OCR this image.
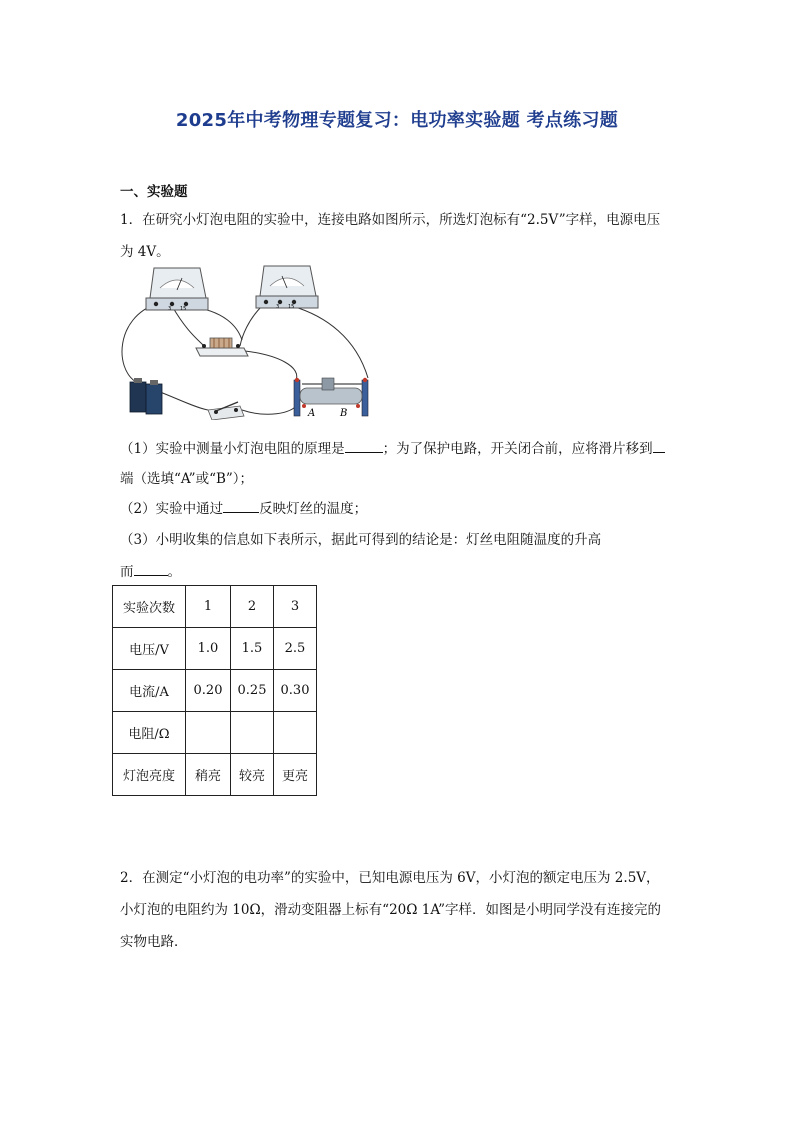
2025年中考物理专题复习：电功率实验题 考点练习题
一、实验题
1．在研究小灯泡电阻的实验中，连接电路如图所示，所选灯泡标有“2.5V”字样，电源电压
为 4V。
3 15	3 15
A B
（1）实验中测量小灯泡电阻的原理是	；为了保护电路，开关闭合前，应将滑片移到
端（选填“A”或“B”）；
（2）实验中通过	反映灯丝的温度；
（3）小明收集的信息如下表所示，据此可得到的结论是：灯丝电阻随温度的升高
而	。
实验次数	1	2	3
电压/V	1.0	1.5	2.5
电流/A	0.20	0.25	0.30
电阻/Ω			
灯泡亮度	稍亮	较亮	更亮
2．在测定“小灯泡的电功率”的实验中，已知电源电压为 6V，小灯泡的额定电压为 2.5V，
小灯泡的电阻约为 10Ω，滑动变阻器上标有“20Ω 1A”字样．如图是小明同学没有连接完的
实物电路．
